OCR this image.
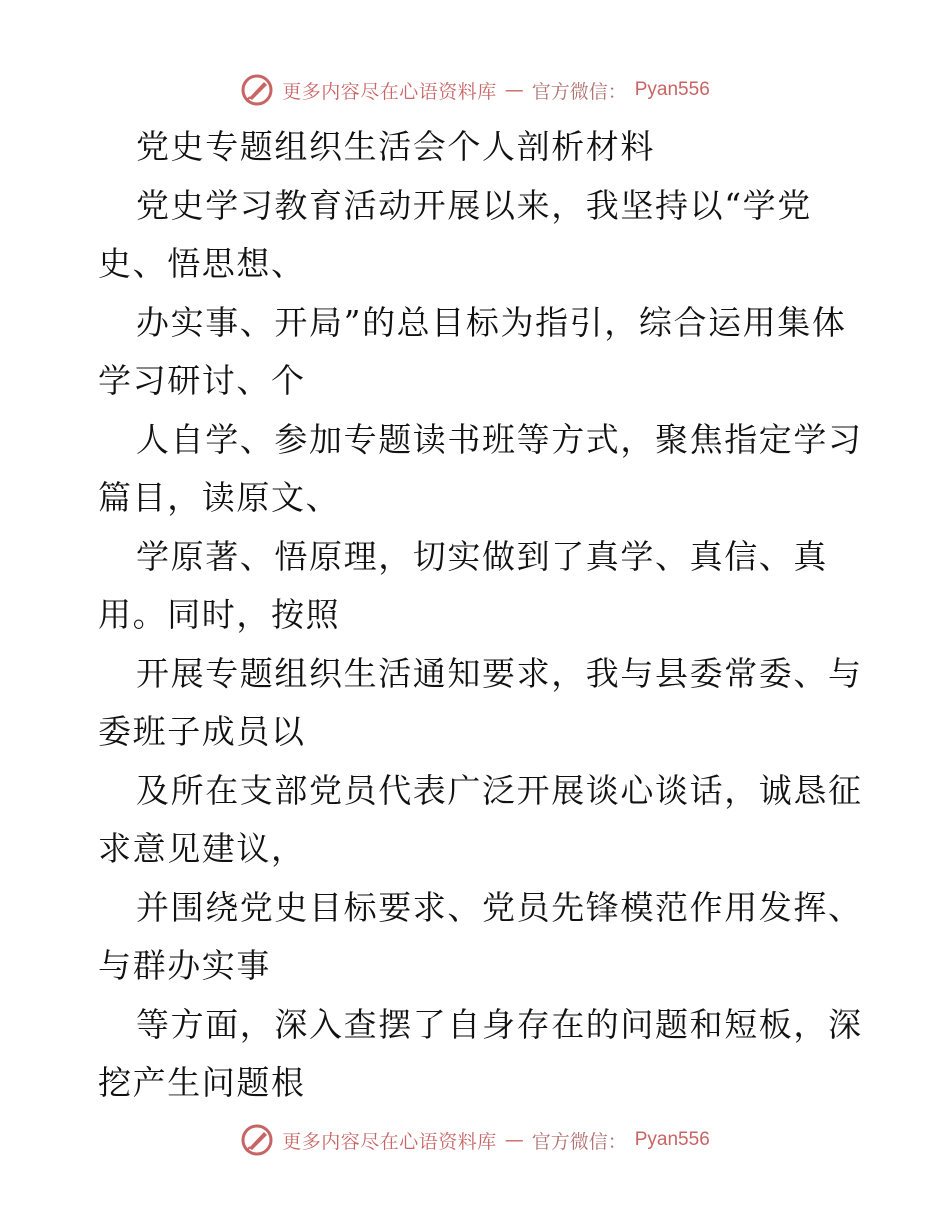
更多内容尽在心语资料库 — 官方微信： Pyan556
党史专题组织生活会个人剖析材料
党史学习教育活动开展以来，我坚持以“学党
史、悟思想、
办实事、开局”的总目标为指引，综合运用集体
学习研讨、个
人自学、参加专题读书班等方式，聚焦指定学习
篇目，读原文、
学原著、悟原理，切实做到了真学、真信、真
用。同时，按照
开展专题组织生活通知要求，我与县委常委、与
委班子成员以
及所在支部党员代表广泛开展谈心谈话，诚恳征
求意见建议，
并围绕党史目标要求、党员先锋模范作用发挥、
与群办实事
等方面，深入查摆了自身存在的问题和短板，深
挖产生问题根
更多内容尽在心语资料库 — 官方微信： Pyan556
